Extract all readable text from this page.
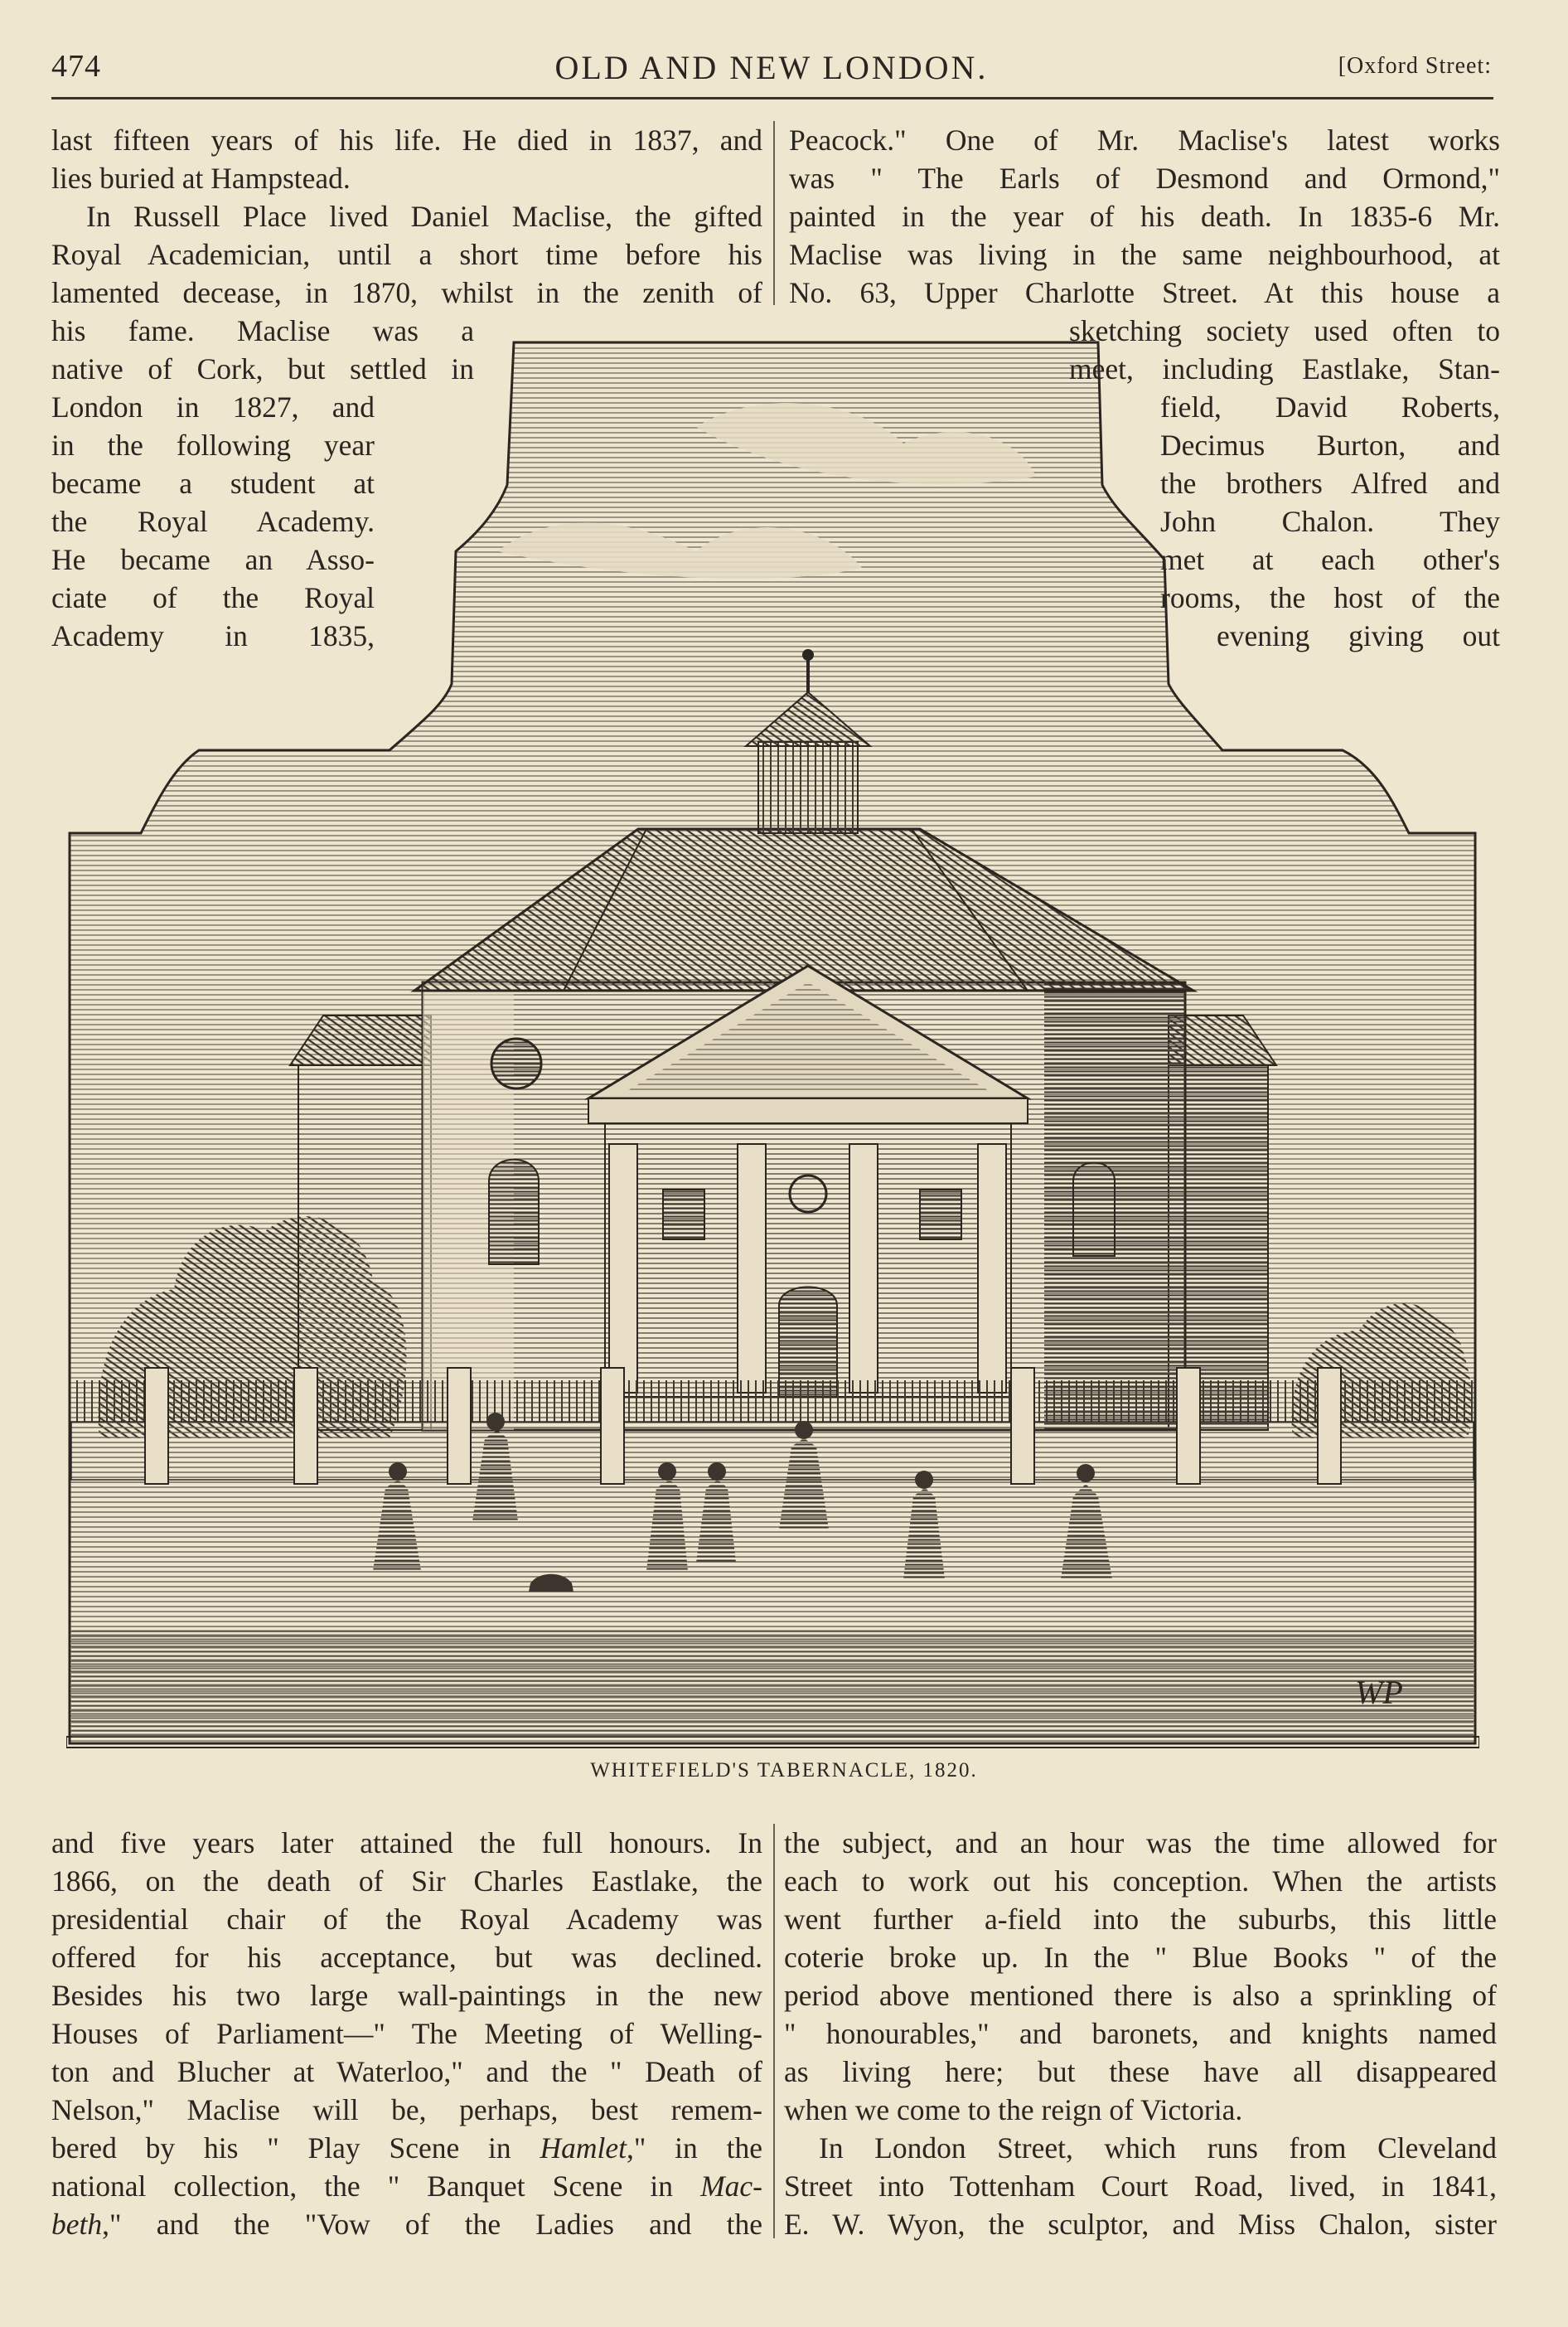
474	OLD AND NEW LONDON.	[Oxford Street:
last fifteen years of his life. He died in 1837, and
lies buried at Hampstead.
In Russell Place lived Daniel Maclise, the gifted
Royal Academician, until a short time before his
lamented decease, in 1870, whilst in the zenith of
Peacock." One of Mr. Maclise's latest works
was " The Earls of Desmond and Ormond,"
painted in the year of his death. In 1835-6 Mr.
Maclise was living in the same neighbourhood, at
No. 63, Upper Charlotte Street. At this house a
WP
his fame. Maclise was a
native of Cork, but settled in
London in 1827, and
in the following year
became a student at
the Royal Academy.
He became an Asso-
ciate of the Royal
Academy in 1835,
sketching society used often to
meet, including Eastlake, Stan-
field, David Roberts,
Decimus Burton, and
the brothers Alfred and
John Chalon. They
met at each other's
rooms, the host of the
evening giving out
WHITEFIELD'S TABERNACLE, 1820.
and five years later attained the full honours. In
1866, on the death of Sir Charles Eastlake, the
presidential chair of the Royal Academy was
offered for his acceptance, but was declined.
Besides his two large wall-paintings in the new
Houses of Parliament—" The Meeting of Welling-
ton and Blucher at Waterloo," and the " Death of
Nelson," Maclise will be, perhaps, best remem-
bered by his " Play Scene in Hamlet," in the
national collection, the " Banquet Scene in Mac-
beth," and the "Vow of the Ladies and the
the subject, and an hour was the time allowed for
each to work out his conception. When the artists
went further a-field into the suburbs, this little
coterie broke up. In the " Blue Books " of the
period above mentioned there is also a sprinkling of
" honourables," and baronets, and knights named
as living here; but these have all disappeared
when we come to the reign of Victoria.
In London Street, which runs from Cleveland
Street into Tottenham Court Road, lived, in 1841,
E. W. Wyon, the sculptor, and Miss Chalon, sister
